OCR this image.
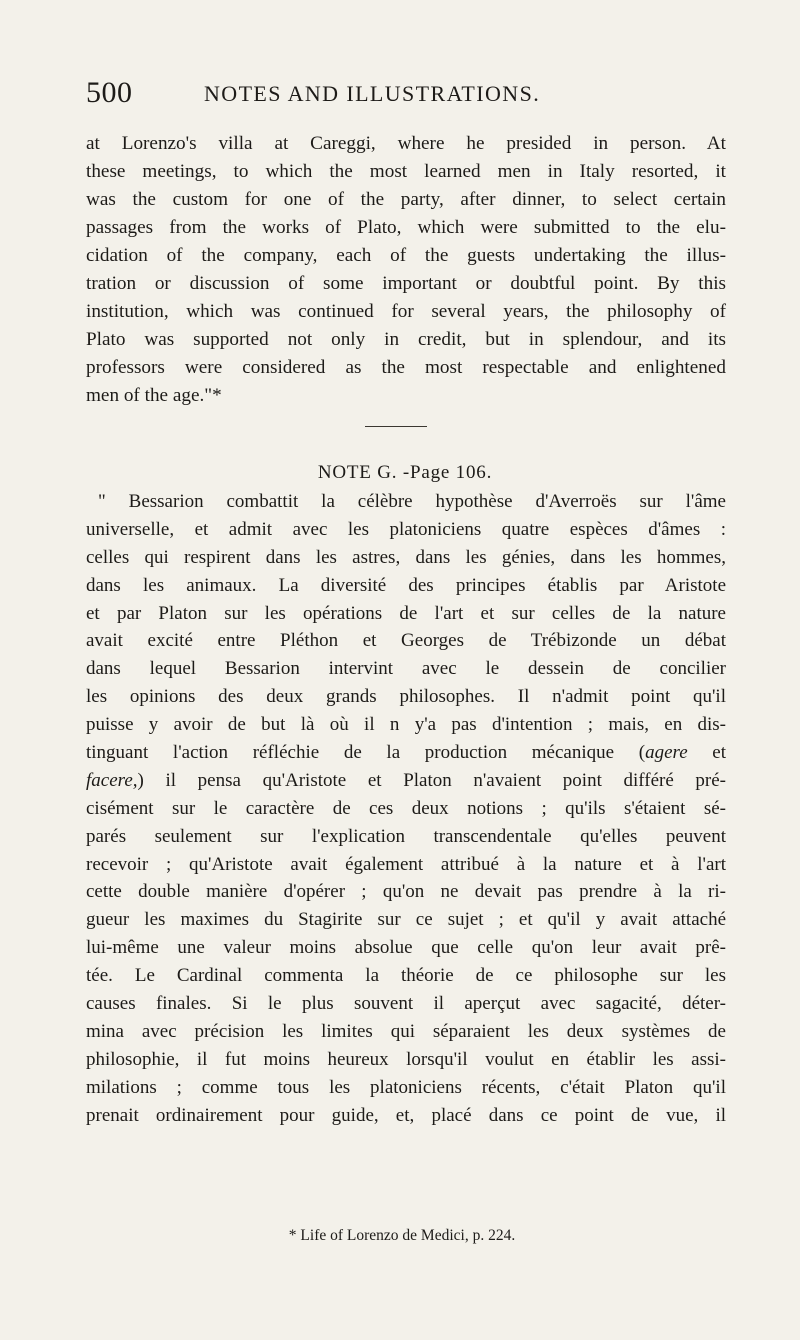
500	NOTES AND ILLUSTRATIONS.
at Lorenzo's villa at Careggi, where he presided in person. At
these meetings, to which the most learned men in Italy resorted, it
was the custom for one of the party, after dinner, to select certain
passages from the works of Plato, which were submitted to the elu-
cidation of the company, each of the guests undertaking the illus-
tration or discussion of some important or doubtful point. By this
institution, which was continued for several years, the philosophy of
Plato was supported not only in credit, but in splendour, and its
professors were considered as the most respectable and enlightened
men of the age."*
NOTE G. -Page 106.
" Bessarion combattit la célèbre hypothèse d'Averroës sur l'âme
universelle, et admit avec les platoniciens quatre espèces d'âmes :
celles qui respirent dans les astres, dans les génies, dans les hommes,
dans les animaux. La diversité des principes établis par Aristote
et par Platon sur les opérations de l'art et sur celles de la nature
avait excité entre Pléthon et Georges de Trébizonde un débat
dans lequel Bessarion intervint avec le dessein de concilier
les opinions des deux grands philosophes. Il n'admit point qu'il
puisse y avoir de but là où il n y'a pas d'intention ; mais, en dis-
tinguant l'action réfléchie de la production mécanique (agere et
facere,) il pensa qu'Aristote et Platon n'avaient point différé pré-
cisément sur le caractère de ces deux notions ; qu'ils s'étaient sé-
parés seulement sur l'explication transcendentale qu'elles peuvent
recevoir ; qu'Aristote avait également attribué à la nature et à l'art
cette double manière d'opérer ; qu'on ne devait pas prendre à la ri-
gueur les maximes du Stagirite sur ce sujet ; et qu'il y avait attaché
lui-même une valeur moins absolue que celle qu'on leur avait prê-
tée. Le Cardinal commenta la théorie de ce philosophe sur les
causes finales. Si le plus souvent il aperçut avec sagacité, déter-
mina avec précision les limites qui séparaient les deux systèmes de
philosophie, il fut moins heureux lorsqu'il voulut en établir les assi-
milations ; comme tous les platoniciens récents, c'était Platon qu'il
prenait ordinairement pour guide, et, placé dans ce point de vue, il
* Life of Lorenzo de Medici, p. 224.
